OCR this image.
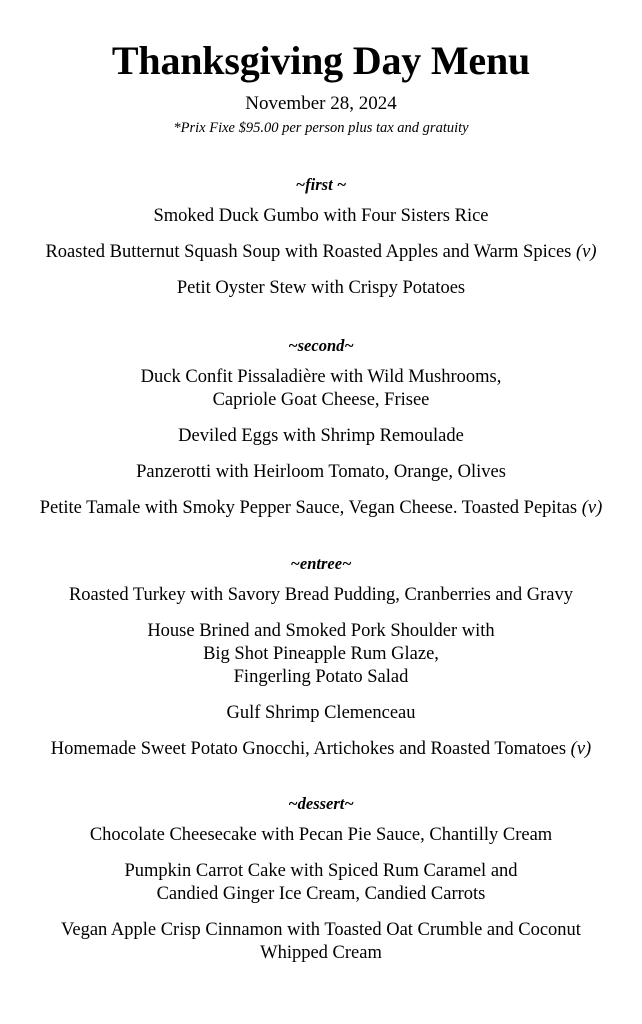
Thanksgiving Day Menu
November 28, 2024
*Prix Fixe $95.00 per person plus tax and gratuity
~first ~
Smoked Duck Gumbo with Four Sisters Rice
Roasted Butternut Squash Soup with Roasted Apples and Warm Spices (v)
Petit Oyster Stew with Crispy Potatoes
~second~
Duck Confit Pissaladière with Wild Mushrooms,
Capriole Goat Cheese, Frisee
Deviled Eggs with Shrimp Remoulade
Panzerotti with Heirloom Tomato, Orange, Olives
Petite Tamale with Smoky Pepper Sauce, Vegan Cheese. Toasted Pepitas (v)
~entree~
Roasted Turkey with Savory Bread Pudding, Cranberries and Gravy
House Brined and Smoked Pork Shoulder with
Big Shot Pineapple Rum Glaze,
Fingerling Potato Salad
Gulf Shrimp Clemenceau
Homemade Sweet Potato Gnocchi, Artichokes and Roasted Tomatoes (v)
~dessert~
Chocolate Cheesecake with Pecan Pie Sauce, Chantilly Cream
Pumpkin Carrot Cake with Spiced Rum Caramel and
Candied Ginger Ice Cream, Candied Carrots
Vegan Apple Crisp Cinnamon with Toasted Oat Crumble and Coconut
Whipped Cream
